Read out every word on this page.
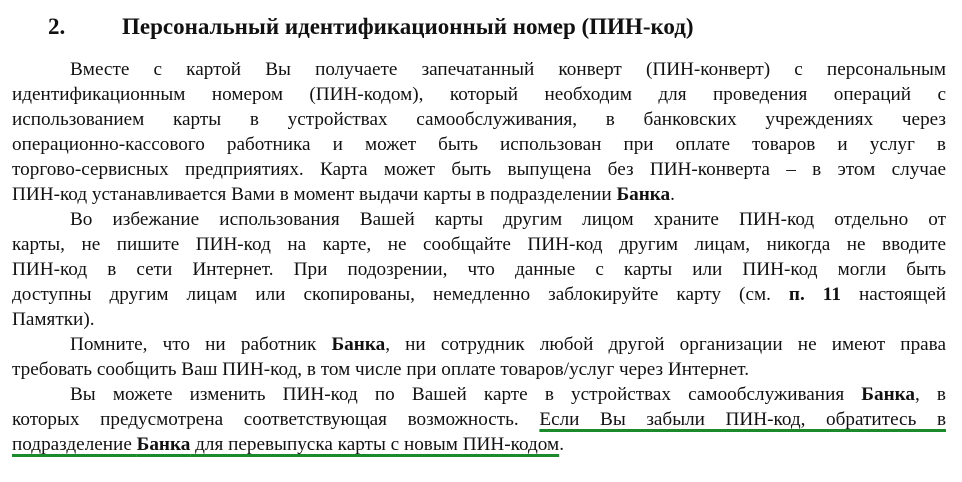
2. Персональный идентификационный номер (ПИН-код)
Вместе с картой Вы получаете запечатанный конверт (ПИН-конверт) с персональным
идентификационным номером (ПИН-кодом), который необходим для проведения операций с
использованием карты в устройствах самообслуживания, в банковских учреждениях через
операционно-кассового работника и может быть использован при оплате товаров и услуг в
торгово-сервисных предприятиях. Карта может быть выпущена без ПИН-конверта – в этом случае
ПИН-код устанавливается Вами в момент выдачи карты в подразделении Банка.
Во избежание использования Вашей карты другим лицом храните ПИН-код отдельно от
карты, не пишите ПИН-код на карте, не сообщайте ПИН-код другим лицам, никогда не вводите
ПИН-код в сети Интернет. При подозрении, что данные с карты или ПИН-код могли быть
доступны другим лицам или скопированы, немедленно заблокируйте карту (см. п. 11 настоящей
Памятки).
Помните, что ни работник Банка, ни сотрудник любой другой организации не имеют права
требовать сообщить Ваш ПИН-код, в том числе при оплате товаров/услуг через Интернет.
Вы можете изменить ПИН-код по Вашей карте в устройствах самообслуживания Банка, в
которых предусмотрена соответствующая возможность. Если Вы забыли ПИН-код, обратитесь в
подразделение Банка для перевыпуска карты с новым ПИН-кодом.
